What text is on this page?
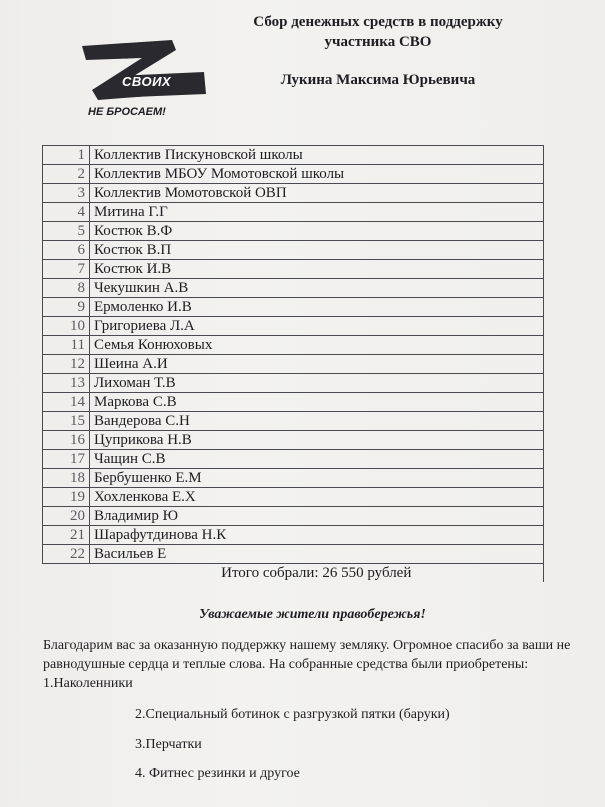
Сбор денежных средств в поддержку
участника СВО
Лукина Максима Юрьевича
Z
СВОИХ
НЕ БРОСАЕМ!
1	Коллектив Пискуновской школы
2	Коллектив МБОУ Момотовской школы
3	Коллектив Момотовской ОВП
4	Митина Г.Г
5	Костюк В.Ф
6	Костюк В.П
7	Костюк И.В
8	Чекушкин А.В
9	Ермоленко И.В
10	Григориева Л.А
11	Семья Конюховых
12	Шеина А.И
13	Лихоман Т.В
14	Маркова С.В
15	Вандерова С.Н
16	Цуприкова Н.В
17	Чащин С.В
18	Бербушенко Е.М
19	Хохленкова Е.Х
20	Владимир Ю
21	Шарафутдинова Н.К
22	Васильев Е
	Итого собрали: 26 550 рублей
Уважаемые жители правобережья!
Благодарим вас за оказанную поддержку нашему земляку. Огромное спасибо за ваши не равнодушные сердца и теплые слова. На собранные средства были приобретены: 1.Наколенники
2.Специальный ботинок с разгрузкой пятки (баруки)
3.Перчатки
4. Фитнес резинки и другое
